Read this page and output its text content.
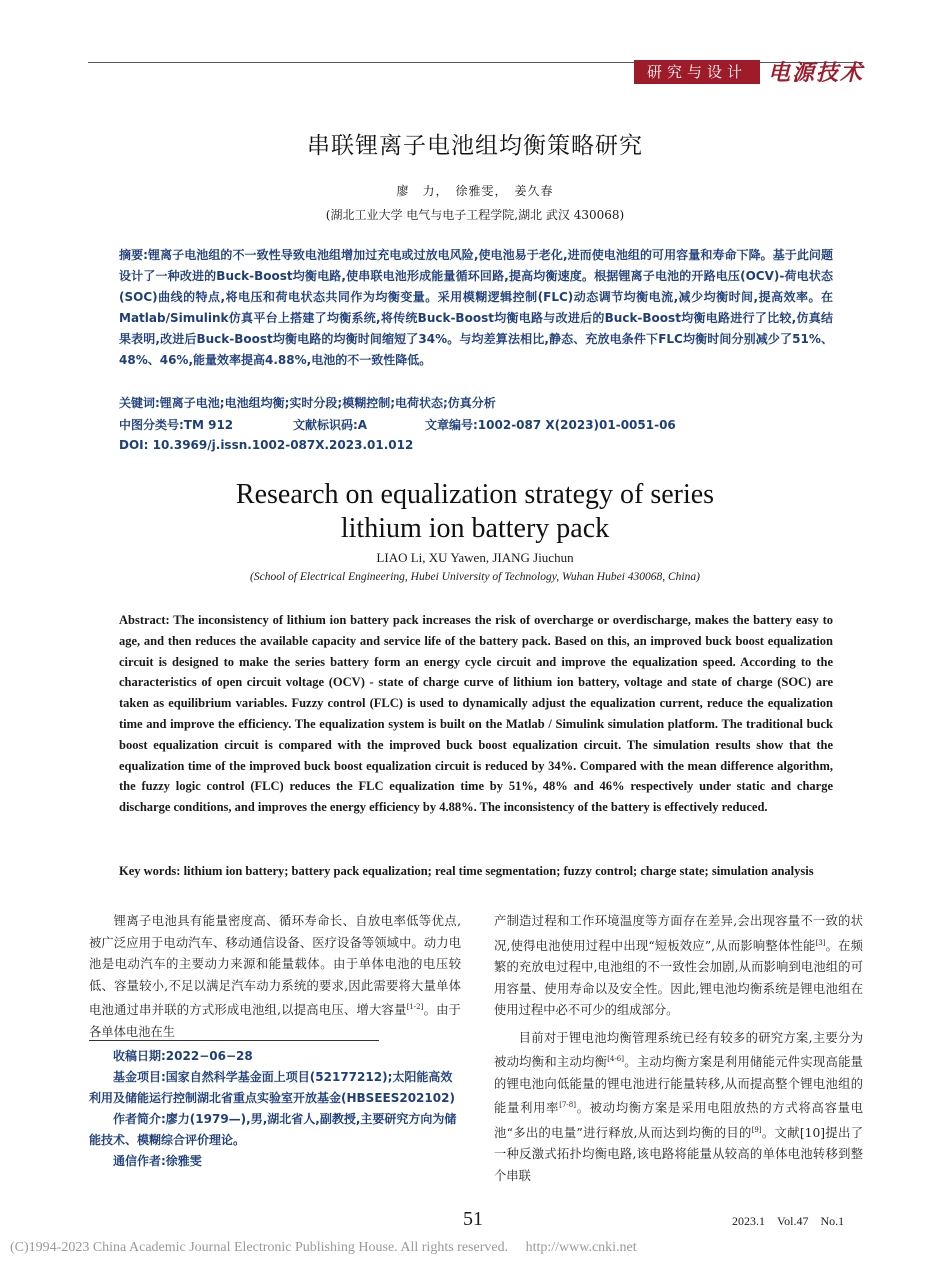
研究与设计 电源技术
串联锂离子电池组均衡策略研究
廖　力，　徐雅雯，　姜久春
(湖北工业大学 电气与电子工程学院,湖北 武汉 430068)
摘要:锂离子电池组的不一致性导致电池组增加过充电或过放电风险,使电池易于老化,进而使电池组的可用容量和寿命下降。基于此问题设计了一种改进的Buck-Boost均衡电路,使串联电池形成能量循环回路,提高均衡速度。根据锂离子电池的开路电压(OCV)-荷电状态(SOC)曲线的特点,将电压和荷电状态共同作为均衡变量。采用模糊逻辑控制(FLC)动态调节均衡电流,减少均衡时间,提高效率。在Matlab/Simulink仿真平台上搭建了均衡系统,将传统Buck-Boost均衡电路与改进后的Buck-Boost均衡电路进行了比较,仿真结果表明,改进后Buck-Boost均衡电路的均衡时间缩短了34%。与均差算法相比,静态、充放电条件下FLC均衡时间分别减少了51%、48%、46%,能量效率提高4.88%,电池的不一致性降低。
关键词:锂离子电池;电池组均衡;实时分段;模糊控制;电荷状态;仿真分析
中图分类号:TM 912	文献标识码:A	文章编号:1002-087 X(2023)01-0051-06
DOI: 10.3969/j.issn.1002-087X.2023.01.012
Research on equalization strategy of series
lithium ion battery pack
LIAO Li, XU Yawen, JIANG Jiuchun
(School of Electrical Engineering, Hubei University of Technology, Wuhan Hubei 430068, China)
Abstract: The inconsistency of lithium ion battery pack increases the risk of overcharge or overdischarge, makes the battery easy to age, and then reduces the available capacity and service life of the battery pack. Based on this, an improved buck boost equalization circuit is designed to make the series battery form an energy cycle circuit and improve the equalization speed. According to the characteristics of open circuit voltage (OCV) - state of charge curve of lithium ion battery, voltage and state of charge (SOC) are taken as equilibrium variables. Fuzzy control (FLC) is used to dynamically adjust the equalization current, reduce the equalization time and improve the efficiency. The equalization system is built on the Matlab / Simulink simulation platform. The traditional buck boost equalization circuit is compared with the improved buck boost equalization circuit. The simulation results show that the equalization time of the improved buck boost equalization circuit is reduced by 34%. Compared with the mean difference algorithm, the fuzzy logic control (FLC) reduces the FLC equalization time by 51%, 48% and 46% respectively under static and charge discharge conditions, and improves the energy efficiency by 4.88%. The inconsistency of the battery is effectively reduced.
Key words: lithium ion battery; battery pack equalization; real time segmentation; fuzzy control; charge state; simulation analysis

锂离子电池具有能量密度高、循环寿命长、自放电率低等优点,被广泛应用于电动汽车、移动通信设备、医疗设备等领域中。动力电池是电动汽车的主要动力来源和能量载体。由于单体电池的电压较低、容量较小,不足以满足汽车动力系统的要求,因此需要将大量单体电池通过串并联的方式形成电池组,以提高电压、增大容量[1-2]。由于各单体电池在生

收稿日期:2022−06−28

基金项目:国家自然科学基金面上项目(52177212);太阳能高效利用及储能运行控制湖北省重点实验室开放基金(HBSEES202102)

作者简介:廖力(1979—),男,湖北省人,副教授,主要研究方向为储能技术、模糊综合评价理论。

通信作者:徐雅雯

产制造过程和工作环境温度等方面存在差异,会出现容量不一致的状况,使得电池使用过程中出现“短板效应”,从而影响整体性能[3]。在频繁的充放电过程中,电池组的不一致性会加剧,从而影响到电池组的可用容量、使用寿命以及安全性。因此,锂电池均衡系统是锂电池组在使用过程中必不可少的组成部分。

目前对于锂电池均衡管理系统已经有较多的研究方案,主要分为被动均衡和主动均衡[4-6]。主动均衡方案是利用储能元件实现高能量的锂电池向低能量的锂电池进行能量转移,从而提高整个锂电池组的能量利用率[7-8]。被动均衡方案是采用电阻放热的方式将高容量电池“多出的电量”进行释放,从而达到均衡的目的[9]。文献[10]提出了一种反激式拓扑均衡电路,该电路将能量从较高的单体电池转移到整个串联

51	2023.1　Vol.47　No.1
(C)1994-2023 China Academic Journal Electronic Publishing House. All rights reserved.　 http://www.cnki.net
